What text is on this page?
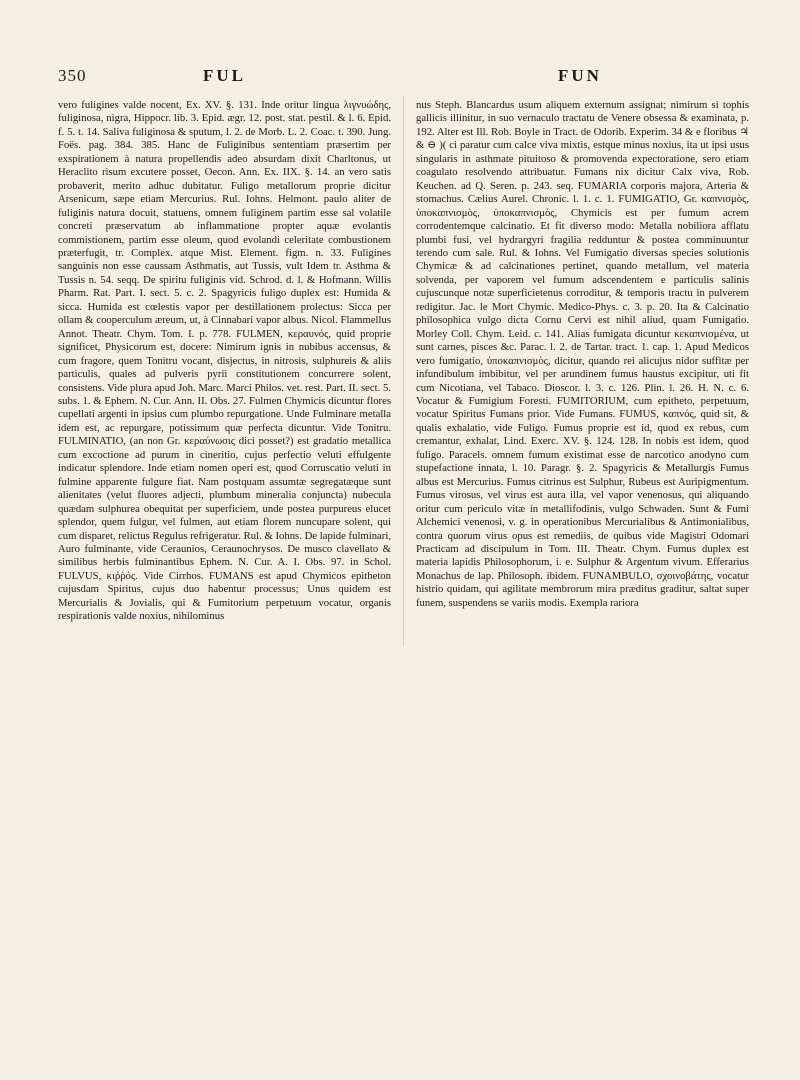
350	FUL	FUN

vero fuligines valde nocent, Ex. XV. §. 131. Inde oritur lingua λιγνυώδης, fuliginosa, nigra, Hippocr. lib. 3. Epid. ægr. 12. post. stat. pestil. & l. 6. Epid. f. 5. t. 14. Saliva fuliginosa & sputum, l. 2. de Morb. L. 2. Coac. t. 390. Jung. Foës. pag. 384. 385. Hanc de Fuliginibus sententiam præsertim per exspirationem à natura propellendis adeo absurdam dixit Charltonus, ut Heraclito risum excutere posset, Oecon. Ann. Ex. IIX. §. 14. an vero satis probaverit, merito adhuc dubitatur. Fuligo metallorum proprie dicitur Arsenicum, sæpe etiam Mercurius. Rul. Iohns. Helmont. paulo aliter de fuliginis natura docuit, statuens, omnem fuliginem partim esse sal volatile concreti præservatum ab inflammatione propter aquæ evolantis commistionem, partim esse oleum, quod evolandi celeritate combustionem præterfugit, tr. Complex. atque Mist. Element. figm. n. 33. Fuligines sanguinis non esse caussam Asthmatis, aut Tussis, vult Idem tr. Asthma & Tussis n. 54. seqq. De spiritu fuliginis vid. Schrod. d. l. & Hofmann. Willis Pharm. Rat. Part. I. sect. 5. c. 2. Spagyricis fuligo duplex est: Humida & sicca. Humida est cœlestis vapor per destillationem prolectus: Sicca per ollam & cooperculum æreum, ut, à Cinnabari vapor albus. Nicol. Flammellus Annot. Theatr. Chym. Tom. I. p. 778. FULMEN, κεραυνός, quid proprie significet, Physicorum est, docere: Nimirum ignis in nubibus accensus, & cum fragore, quem Tonitru vocant, disjectus, in nitrosis, sulphureis & aliis particulis, quales ad pulveris pyrii constitutionem concurrere solent, consistens. Vide plura apud Joh. Marc. Marci Philos. vet. rest. Part. II. sect. 5. subs. 1. & Ephem. N. Cur. Ann. II. Obs. 27. Fulmen Chymicis dicuntur flores cupellati argenti in ipsius cum plumbo repurgatione. Unde Fulminare metalla idem est, ac repurgare, potissimum quæ perfecta dicuntur. Vide Tonitru. FULMINATIO, (an non Gr. κεραύνωσις dici posset?) est gradatio metallica cum excoctione ad purum in cineritio, cujus perfectio veluti effulgente indicatur splendore. Inde etiam nomen operi est, quod Corruscatio veluti in fulmine apparente fulgure fiat. Nam postquam assumtæ segregatæque sunt alienitates (velut fluores adjecti, plumbum mineralia conjuncta) nubecula quædam sulphurea obequitat per superficiem, unde postea purpureus elucet splendor, quem fulgur, vel fulmen, aut etiam florem nuncupare solent, qui cum disparet, relictus Regulus refrigeratur. Rul. & Iohns. De lapide fulminari, Auro fulminante, vide Ceraunios, Ceraunochrysos. De musco clavellato & similibus herbis fulminantibus Ephem. N. Cur. A. I. Obs. 97. in Schol. FULVUS, κιῤῥός. Vide Cirrhos. FUMANS est apud Chymicos epitheton cujusdam Spiritus, cujus duo habentur processus; Unus quidem est Mercurialis & Jovialis, qui & Fumitorium perpetuum vocatur, organis respirationis valde noxius, nihilominus

nus Steph. Blancardus usum aliquem externum assignat; nimirum si tophis gallicis illinitur, in suo vernaculo tractatu de Venere obsessa & examinata, p. 192. Alter est Ill. Rob. Boyle in Tract. de Odorib. Experim. 34 & e floribus ♃ & ⊖ )( ci paratur cum calce viva mixtis, estque minus noxius, ita ut ipsi usus singularis in asthmate pituitoso & promovenda expectoratione, sero etiam coagulato resolvendo attribuatur. Fumans nix dicitur Calx viva, Rob. Keuchen. ad Q. Seren. p. 243. seq. FUMARIA corporis majora, Arteria & stomachus. Cælius Aurel. Chronic. l. 1. c. 1. FUMIGATIO, Gr. καπνισμὸς, ὑποκαπνισμὸς, ὑποκαπνισμὸς, Chymicis est per fumum acrem corrodentemque calcinatio. Et fit diverso modo: Metalla nobiliora afflatu plumbi fusi, vel hydrargyri fragilia redduntur & postea comminuuntur terendo cum sale. Rul. & Iohns. Vel Fumigatio diversas species solutionis Chymicæ & ad calcinationes pertinet, quando metallum, vel materia solvenda, per vaporem vel fumum adscendentem e particulis salinis cujuscunque notæ superficietenus corroditur, & temporis tractu in pulverem redigitur. Jac. le Mort Chymic. Medico-Phys. c. 3. p. 20. Ita & Calcinatio philosophica vulgo dicta Cornu Cervi est nihil aliud, quam Fumigatio. Morley Coll. Chym. Leid. c. 141. Alias fumigata dicuntur κεκαπνισμένα, ut sunt carnes, pisces &c. Parac. l. 2. de Tartar. tract. 1. cap. 1. Apud Medicos vero fumigatio, ὑποκαπνισμὸς, dicitur, quando rei alicujus nidor suffitæ per infundibulum imbibitur, vel per arundinem fumus haustus excipitur, uti fit cum Nicotiana, vel Tabaco. Dioscor. l. 3. c. 126. Plin. l. 26. H. N. c. 6. Vocatur & Fumigium Foresti. FUMITORIUM, cum epitheto, perpetuum, vocatur Spiritus Fumans prior. Vide Fumans. FUMUS, καπνός, quid sit, & qualis exhalatio, vide Fuligo. Fumus proprie est id, quod ex rebus, cum cremantur, exhalat, Lind. Exerc. XV. §. 124. 128. In nobis est idem, quod fuligo. Paracels. omnem fumum existimat esse de narcotico anodyno cum stupefactione innata, l. 10. Paragr. §. 2. Spagyricis & Metallurgis Fumus albus est Mercurius. Fumus citrinus est Sulphur, Rubeus est Auripigmentum. Fumus virosus, vel virus est aura illa, vel vapor venenosus, qui aliquando oritur cum periculo vitæ in metallifodinis, vulgo Schwaden. Sunt & Fumi Alchemici venenosi, v. g. in operationibus Mercurialibus & Antimonialibus, contra quorum virus opus est remediis, de quibus vide Magistri Odomari Practicam ad discipulum in Tom. III. Theatr. Chym. Fumus duplex est materia lapidis Philosophorum, i. e. Sulphur & Argentum vivum. Efferarius Monachus de lap. Philosoph. ibidem. FUNAMBULO, σχοινοβάτης, vocatur histrio quidam, qui agilitate membrorum mira præditus graditur, saltat super funem, suspendens se variis modis. Exempla rariora
